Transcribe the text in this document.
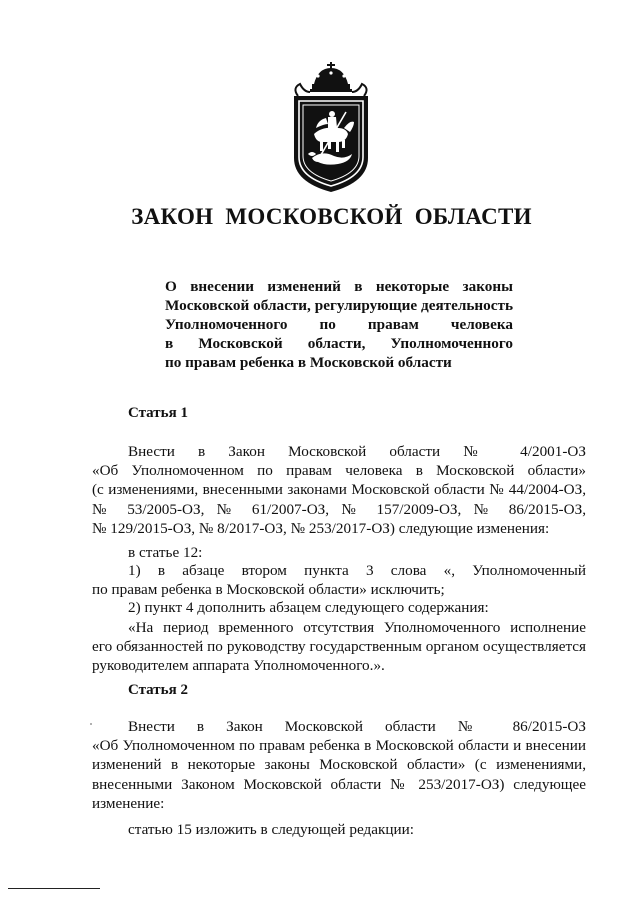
ЗАКОН МОСКОВСКОЙ ОБЛАСТИ
О внесении изменений в некоторые законы
Московской области, регулирующие деятельность
Уполномоченного по правам человека
в Московской области, Уполномоченного
по правам ребенка в Московской области
Статья 1
Внести в Закон Московской области № 4/2001-ОЗ
«Об Уполномоченном по правам человека в Московской области»
(с изменениями, внесенными законами Московской области № 44/2004-ОЗ,
№ 53/2005-ОЗ, № 61/2007-ОЗ, № 157/2009-ОЗ, № 86/2015-ОЗ,
№ 129/2015-ОЗ, № 8/2017-ОЗ, № 253/2017-ОЗ) следующие изменения:
в статье 12:
1) в абзаце втором пункта 3 слова «, Уполномоченный
по правам ребенка в Московской области» исключить;
2) пункт 4 дополнить абзацем следующего содержания:
«На период временного отсутствия Уполномоченного исполнение
его обязанностей по руководству государственным органом осуществляется
руководителем аппарата Уполномоченного.».
Статья 2
Внести в Закон Московской области № 86/2015-ОЗ
«Об Уполномоченном по правам ребенка в Московской области и внесении
изменений в некоторые законы Московской области» (с изменениями,
внесенными Законом Московской области № 253/2017-ОЗ) следующее
изменение:
статью 15 изложить в следующей редакции:
